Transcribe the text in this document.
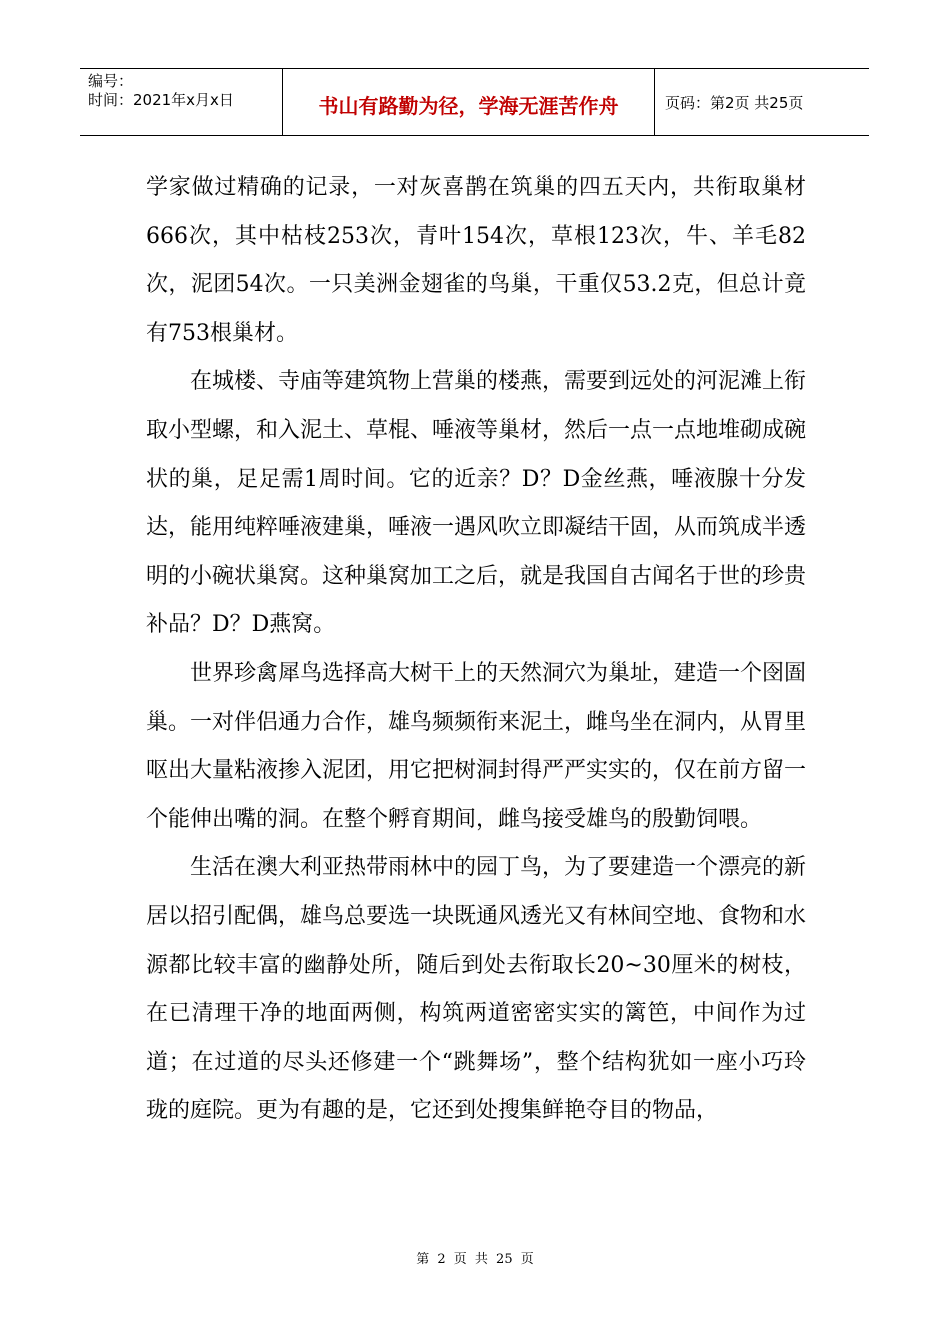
编号：
时间：2021年x月x日	书山有路勤为径，学海无涯苦作舟	页码：第2页 共25页

学家做过精确的记录，一对灰喜鹊在筑巢的四五天内，共衔取巢材666次，其中枯枝253次，青叶154次，草根123次，牛、羊毛82次，泥团54次。一只美洲金翅雀的鸟巢，干重仅53.2克，但总计竟有753根巢材。

在城楼、寺庙等建筑物上营巢的楼燕，需要到远处的河泥滩上衔取小型螺，和入泥土、草棍、唾液等巢材，然后一点一点地堆砌成碗状的巢，足足需1周时间。它的近亲？D？D金丝燕，唾液腺十分发达，能用纯粹唾液建巢，唾液一遇风吹立即凝结干固，从而筑成半透明的小碗状巢窝。这种巢窝加工之后，就是我国自古闻名于世的珍贵补品？D？D燕窝。

世界珍禽犀鸟选择高大树干上的天然洞穴为巢址，建造一个囹圄巢。一对伴侣通力合作，雄鸟频频衔来泥土，雌鸟坐在洞内，从胃里呕出大量粘液掺入泥团，用它把树洞封得严严实实的，仅在前方留一个能伸出嘴的洞。在整个孵育期间，雌鸟接受雄鸟的殷勤饲喂。

生活在澳大利亚热带雨林中的园丁鸟，为了要建造一个漂亮的新居以招引配偶，雄鸟总要选一块既通风透光又有林间空地、食物和水源都比较丰富的幽静处所，随后到处去衔取长20~30厘米的树枝，在已清理干净的地面两侧，构筑两道密密实实的篱笆，中间作为过道；在过道的尽头还修建一个“跳舞场”，整个结构犹如一座小巧玲珑的庭院。更为有趣的是，它还到处搜集鲜艳夺目的物品，

第 2 页 共 25 页
